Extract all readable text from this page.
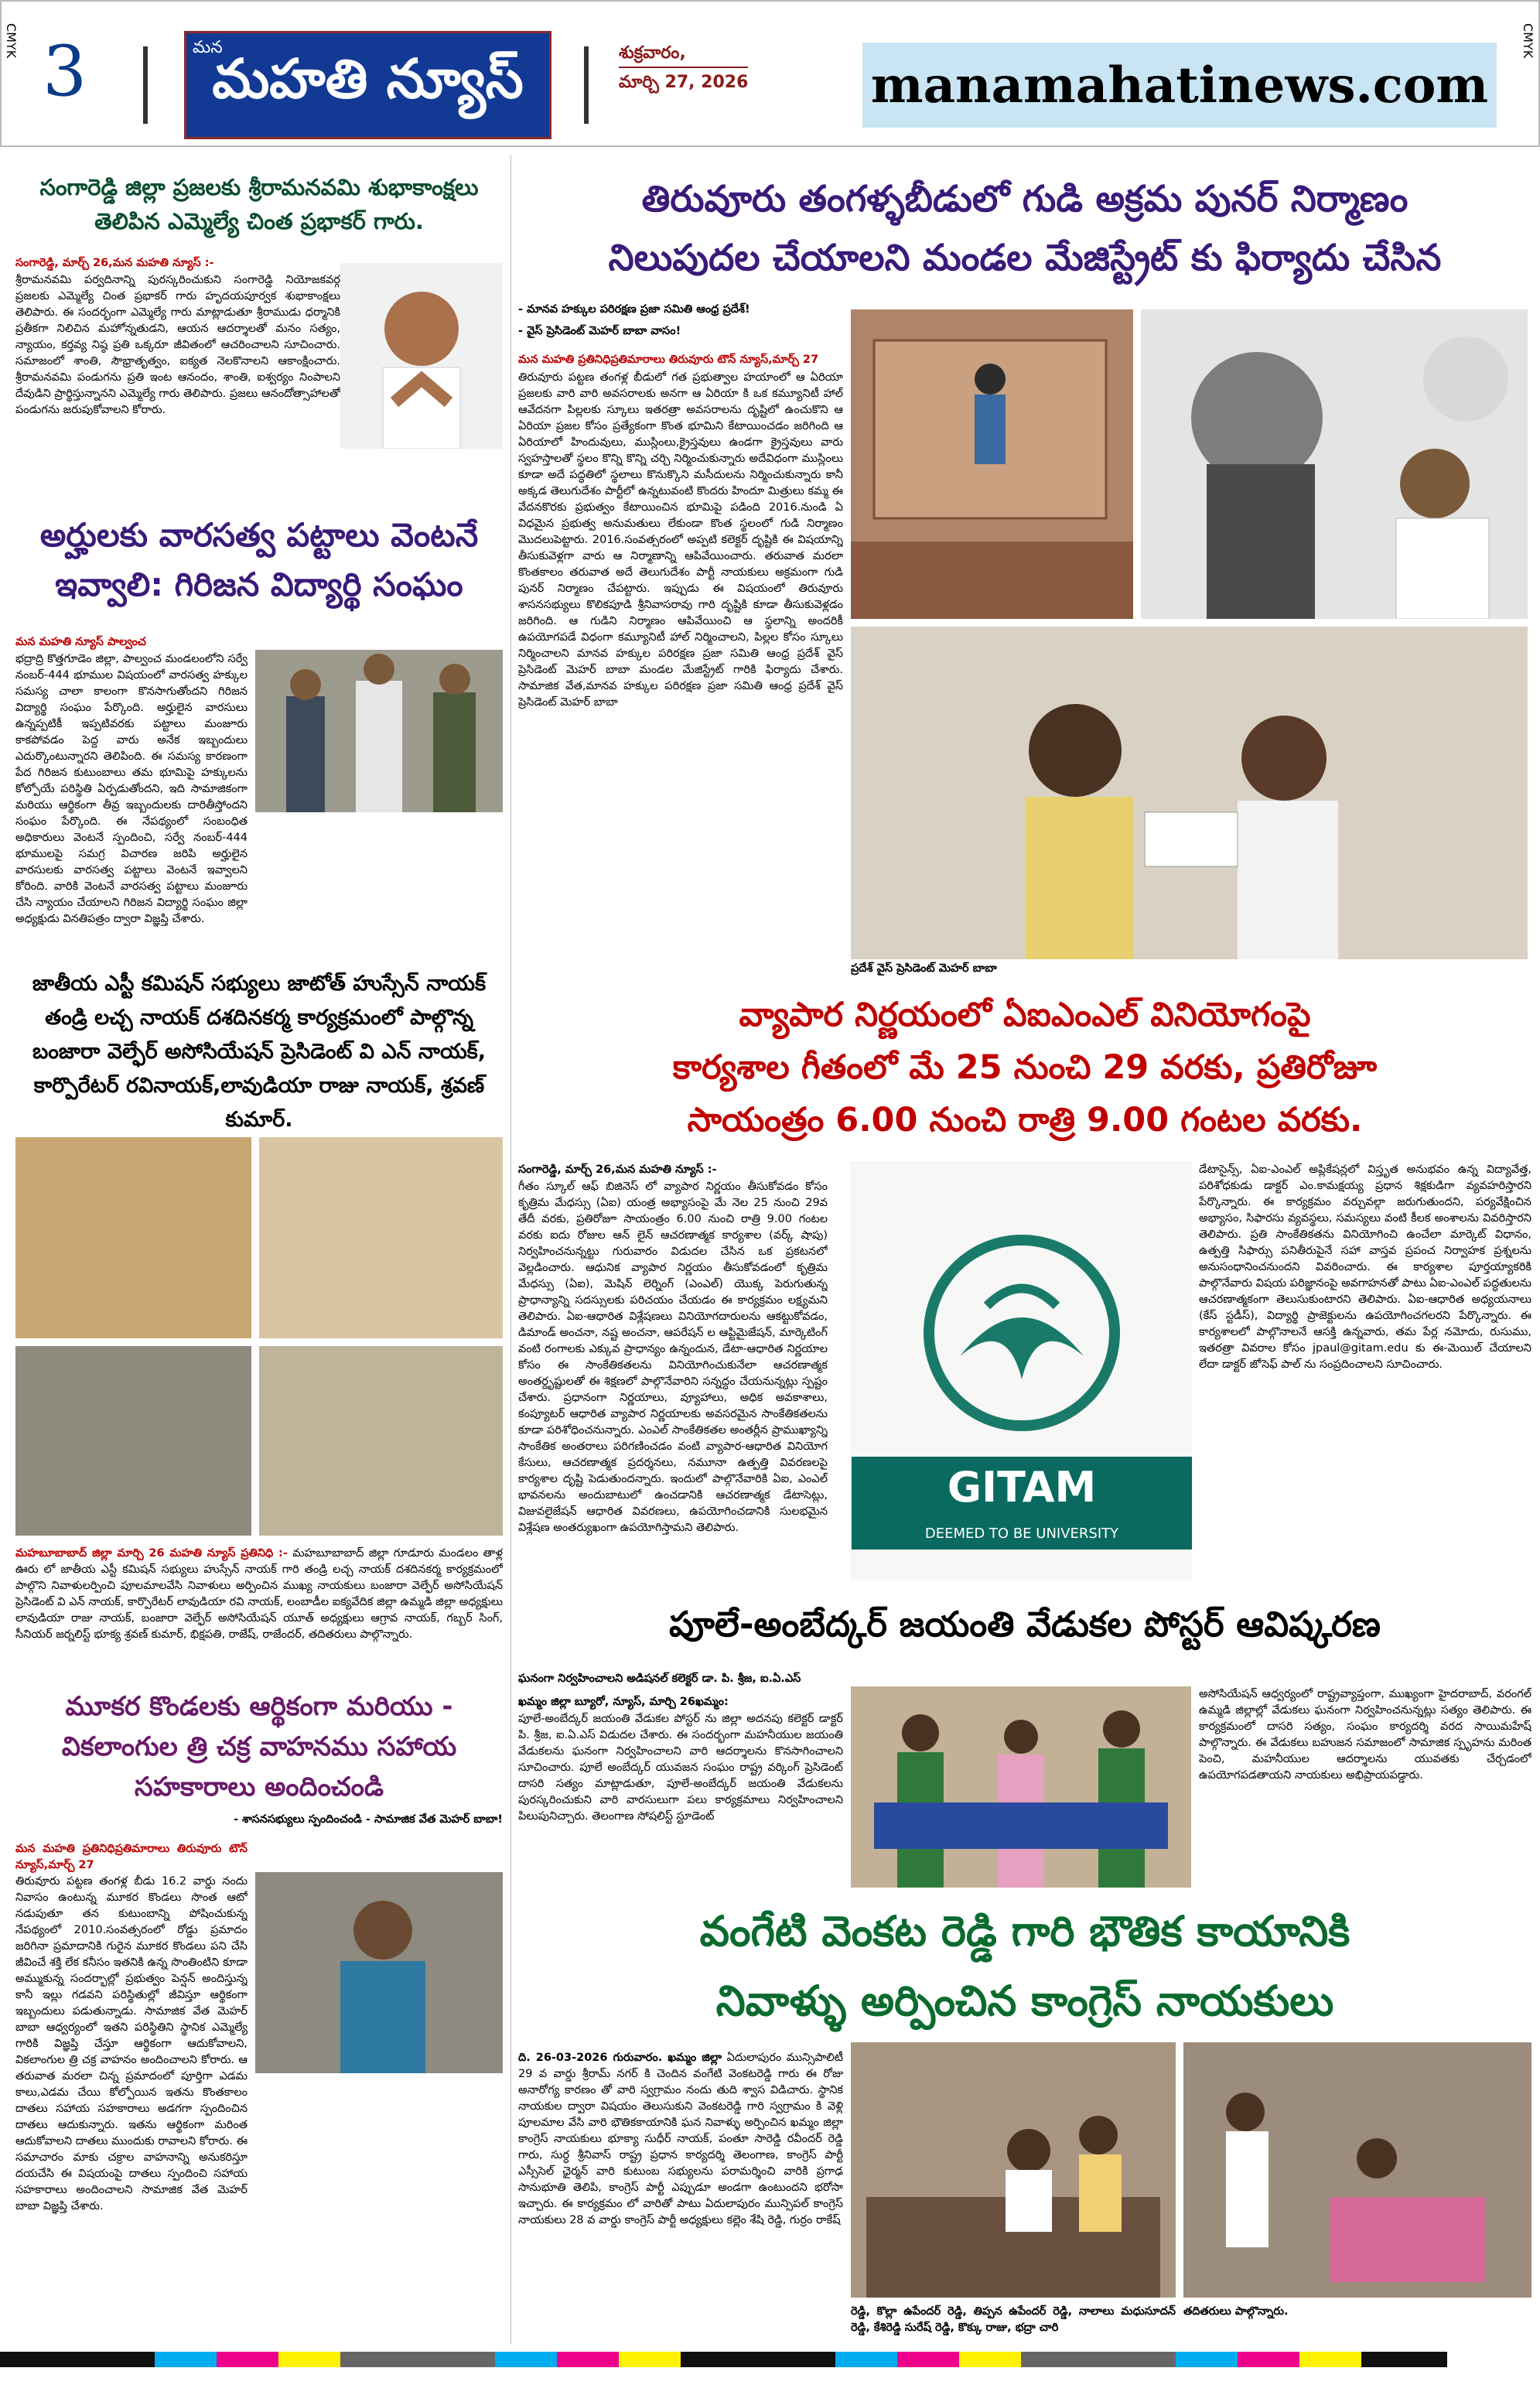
CMYK	CMYK
3	మన
మహతి న్యూస్	శుక్రవారం,
మార్చి 27, 2026 manamahatinews.com
సంగారెడ్డి జిల్లా ప్రజలకు శ్రీరామనవమి శుభాకాంక్షలు తెలిపిన ఎమ్మెల్యే చింత ప్రభాకర్ గారు.
సంగారెడ్డి, మార్చ్ 26,మన మహతి న్యూస్ :-
శ్రీరామనవమి పర్వదినాన్ని పురస్కరించుకుని సంగారెడ్డి నియోజకవర్గ ప్రజలకు ఎమ్మెల్యే చింత ప్రభాకర్ గారు హృదయపూర్వక శుభాకాంక్షలు తెలిపారు. ఈ సందర్భంగా ఎమ్మెల్యే గారు మాట్లాడుతూ శ్రీరాముడు ధర్మానికి ప్రతీకగా నిలిచిన మహోన్నతుడని, ఆయన ఆదర్శాలతో మనం సత్యం, న్యాయం, కర్తవ్య నిష్ఠ ప్రతి ఒక్కరూ జీవితంలో ఆచరించాలని సూచించారు. సమాజంలో శాంతి, సౌభ్రాతృత్వం, ఐక్యత నెలకొనాలని ఆకాంక్షించారు. శ్రీరామనవమి పండుగను ప్రతి ఇంట ఆనందం, శాంతి, ఐశ్వర్యం నింపాలని దేవుడిని ప్రార్థిస్తున్నానని ఎమ్మెల్యే గారు తెలిపారు. ప్రజలు ఆనందోత్సాహాలతో పండుగను జరుపుకోవాలని కోరారు.
అర్హులకు వారసత్వ పట్టాలు వెంటనే ఇవ్వాలి: గిరిజన విద్యార్థి సంఘం
మన మహతి న్యూస్ పాల్వంచ
భద్రాద్రి కొత్తగూడెం జిల్లా, పాల్వంచ మండలంలోని సర్వే నంబర్-444 భూముల విషయంలో వారసత్వ హక్కుల సమస్య చాలా కాలంగా కొనసాగుతోందని గిరిజన విద్యార్థి సంఘం పేర్కొంది. అర్హులైన వారసులు ఉన్నప్పటికీ ఇప్పటివరకు పట్టాలు మంజూరు కాకపోవడం పెద్ద వారు అనేక ఇబ్బందులు ఎదుర్కొంటున్నారని తెలిపింది. ఈ సమస్య కారణంగా పేద గిరిజన కుటుంబాలు తమ భూమిపై హక్కులను కోల్పోయే పరిస్థితి ఏర్పడుతోందని, ఇది సామాజికంగా మరియు ఆర్థికంగా తీవ్ర ఇబ్బందులకు దారితీస్తోందని సంఘం పేర్కొంది. ఈ నేపథ్యంలో సంబంధిత అధికారులు వెంటనే స్పందించి, సర్వే నంబర్-444 భూములపై సమగ్ర విచారణ జరిపి అర్హులైన వారసులకు వారసత్వ పట్టాలు వెంటనే ఇవ్వాలని కోరింది. వారికి వెంటనే వారసత్వ పట్టాలు మంజూరు చేసి న్యాయం చేయాలని గిరిజన విద్యార్థి సంఘం జిల్లా అధ్యక్షుడు వినతిపత్రం ద్వారా విజ్ఞప్తి చేశారు.
జాతీయ ఎస్టీ కమిషన్ సభ్యులు జాటోత్ హుస్సేన్ నాయక్ తండ్రి లచ్చ నాయక్ దశదినకర్మ కార్యక్రమంలో పాల్గొన్న బంజారా వెల్ఫేర్ అసోసియేషన్ ప్రెసిడెంట్ వి ఎన్ నాయక్, కార్పొరేటర్ రవినాయక్,లావుడియా రాజు నాయక్, శ్రవణ్ కుమార్.
మహబూబాబాద్ జిల్లా మార్చి 26 మహతి న్యూస్ ప్రతినిధి :- మహబూబాబాద్ జిల్లా గూడూరు మండలం తాళ్ల ఊరు లో జాతీయ ఎస్టీ కమిషన్ సభ్యులు హుస్సేన్ నాయక్ గారి తండ్రి లచ్చ నాయక్ దశదినకర్మ కార్యక్రమంలో పాల్గొని నివాళులర్పించి పూలమాలవేసి నివాళులు అర్పించిన ముఖ్య నాయకులు బంజారా వెల్ఫేర్ అసోసియేషన్ ప్రెసిడెంట్ వి ఎన్ నాయక్, కార్పొరేటర్ లావుడియా రవి నాయక్, లంబాడీల ఐక్యవేదిక జిల్లా ఉమ్మడి జిల్లా అధ్యక్షులు లావుడియా రాజు నాయక్, బంజారా వెల్ఫేర్ అసోసియేషన్ యూత్ అధ్యక్షులు ఆగ్రావ నాయక్, గబ్బర్ సింగ్, సీనియర్ జర్నలిస్ట్ భూక్య శ్రవణ్ కుమార్, భిక్షపతి, రాజేష్, రాజేందర్, తదితరులు పాల్గొన్నారు.
మూకర కొండలకు ఆర్థికంగా మరియు - వికలాంగుల త్రి చక్ర వాహనము సహాయ సహకారాలు అందించండి
- శాసనసభ్యులు స్పందించండి - సామాజిక వేత మెహర్ బాబా!
మన మహతి ప్రతినిధిప్రతిమారాలు తిరువూరు టౌన్ న్యూస్,మార్చ్ 27
తిరువూరు పట్టణ తంగళ్ల బీడు 16.2 వార్డు నందు నివాసం ఉంటున్న మూకర కొండలు సొంత ఆటో నడుపుతూ తన కుటుంబాన్ని పోషించుకున్న నేపథ్యంలో 2010.సంవత్సరంలో రోడ్డు ప్రమాదం జరిగినా ప్రమాదానికి గురైన మూకర కొండలు పని చేసి జీవించే శక్తి లేక కనీసం ఇతనికి ఉన్న సొంతింటిని కూడా అమ్ముకున్న సందర్భాల్లో ప్రభుత్వం పెన్షన్ అందిస్తున్న కానీ ఇల్లు గడవని పరిస్థితుల్లో జీవిస్తూ ఆర్థికంగా ఇబ్బందులు పడుతున్నాడు. సామాజిక వేత మెహర్ బాబా ఆధ్వర్యంలో ఇతని పరిస్థితిని స్థానిక ఎమ్మెల్యే గారికి విజ్ఞప్తి చేస్తూ ఆర్థికంగా ఆదుకోవాలని, వికలాంగుల త్రి చక్ర వాహనం అందించాలని కోరారు. ఆ తరువాత మరలా చిన్న ప్రమాదంలో పూర్తిగా ఎడమ కాలు,ఎడమ చేయి కోల్పోయిన ఇతను కొంతకాలం దాతలు సహాయ సహకారాలు అడగగా స్పందించిన దాతలు ఆదుకున్నారు. ఇతను ఆర్థికంగా మరింత ఆదుకోవాలని దాతలు ముందుకు రావాలని కోరారు. ఈ సమాచారం మాకు చక్రాల వాహనాన్ని అనుకరిస్తూ దయచేసి ఈ విషయంపై దాతలు స్పందించి సహాయ సహకారాలు అందించాలని సామాజిక వేత మెహర్ బాబా విజ్ఞప్తి చేశారు.
తిరువూరు తంగళ్ళబీడులో గుడి అక్రమ పునర్ నిర్మాణం
నిలుపుదల చేయాలని మండల మేజిస్ట్రేట్ కు ఫిర్యాదు చేసిన
- మానవ హక్కుల పరిరక్షణ ప్రజా సమితి ఆంధ్ర ప్రదేశ్!
- వైస్ ప్రెసిడెంట్ మెహర్ బాబా వాసం!
మన మహతి ప్రతినిధిప్రతిమారాలు తిరువూరు టౌన్ న్యూస్,మార్చ్ 27
తిరువూరు పట్టణ తంగళ్ల బీడులో గత ప్రభుత్వాల హయాంలో ఆ ఏరియా ప్రజలకు వారి వారి అవసరాలకు అనగా ఆ ఏరియా కి ఒక కమ్యూనిటీ హాల్ ఆవేదనగా పిల్లలకు స్కూలు ఇతరత్రా అవసరాలను దృష్టిలో ఉంచుకొని ఆ ఏరియా ప్రజల కోసం ప్రత్యేకంగా కొంత భూమిని కేటాయించడం జరిగింది ఆ ఏరియాలో హిందువులు, ముస్లింలు,క్రైస్తవులు ఉండగా క్రైస్తవులు వారు స్వహస్తాలతో స్థలం కొన్ని కొన్ని చర్చి నిర్మించుకున్నారు అదేవిధంగా ముస్లింలు కూడా అదే పద్ధతిలో స్థలాలు కొనుక్కొని మసీదులను నిర్మించుకున్నారు కానీ అక్కడ తెలుగుదేశం పార్టీలో ఉన్నటువంటి కొందరు హిందూ మిత్రులు కమ్మ ఈ వేదనకొరకు ప్రభుత్వం కేటాయించిన భూమిపై పడింది 2016.నుండి ఏ విధమైన ప్రభుత్వ అనుమతులు లేకుండా కొంత స్థలంలో గుడి నిర్మాణం మొదలుపెట్టారు. 2016.సంవత్సరంలో అప్పటి కలెక్టర్ దృష్టికి ఈ విషయాన్ని తీసుకువెళ్లగా వారు ఆ నిర్మాణాన్ని ఆపివేయించారు. తరువాత మరలా కొంతకాలం తరువాత అదే తెలుగుదేశం పార్టీ నాయకులు అక్రమంగా గుడి పునర్ నిర్మాణం చేపట్టారు. ఇప్పుడు ఈ విషయంలో తిరువూరు శాసనసభ్యులు కొలికపూడి శ్రీనివాసరావు గారి దృష్టికి కూడా తీసుకువెళ్లడం జరిగింది. ఆ గుడిని నిర్మాణం ఆపివేయించి ఆ స్థలాన్ని అందరికీ ఉపయోగపడే విధంగా కమ్యూనిటీ హాల్ నిర్మించాలని, పిల్లల కోసం స్కూలు నిర్మించాలని మానవ హక్కుల పరిరక్షణ ప్రజా సమితి ఆంధ్ర ప్రదేశ్ వైస్ ప్రెసిడెంట్ మెహర్ బాబా మండల మేజిస్ట్రేట్ గారికి ఫిర్యాదు చేశారు. సామాజిక వేత,మానవ హక్కుల పరిరక్షణ ప్రజా సమితి ఆంధ్ర ప్రదేశ్ వైస్ ప్రెసిడెంట్ మెహర్ బాబా
ప్రదేశ్ వైస్ ప్రెసిడెంట్ మెహర్ బాబా
వ్యాపార నిర్ణయంలో ఏఐఎంఎల్ వినియోగంపై
కార్యశాల గీతంలో మే 25 నుంచి 29 వరకు, ప్రతిరోజూ
సాయంత్రం 6.00 నుంచి రాత్రి 9.00 గంటల వరకు.
సంగారెడ్డి, మార్చ్ 26,మన మహతి న్యూస్ :-
గీతం స్కూల్ ఆఫ్ బిజినెస్ లో వ్యాపార నిర్ణయం తీసుకోవడం కోసం కృత్రిమ మేధస్సు (ఏఐ) యంత్ర అభ్యాసంపై మే నెల 25 నుంచి 29వ తేదీ వరకు, ప్రతిరోజూ సాయంత్రం 6.00 నుంచి రాత్రి 9.00 గంటల వరకు ఐదు రోజుల ఆన్ లైన్ ఆచరణాత్మక కార్యశాల (వర్క్ షాపు) నిర్వహించనున్నట్టు గురువారం విడుదల చేసిన ఒక ప్రకటనలో వెల్లడించారు. ఆధునిక వ్యాపార నిర్ణయం తీసుకోవడంలో కృత్రిమ మేధస్సు (ఏఐ), మెషిన్ లెర్నింగ్ (ఎంఎల్) యొక్క పెరుగుతున్న ప్రాధాన్యాన్ని సదస్సులకు పరిచయం చేయడం ఈ కార్యక్రమం లక్ష్యమని తెలిపారు. ఏఐ-ఆధారిత విశ్లేషణలు వినియోగదారులను ఆకట్టుకోవడం, డిమాండ్ అంచనా, నష్ట అంచనా, ఆపరేషన్ ల ఆప్టిమైజేషన్, మార్కెటింగ్ వంటి రంగాలకు ఎక్కువ ప్రాధాన్యం ఉన్నందున, డేటా-ఆధారిత నిర్ణయాల కోసం ఈ సాంకేతికతలను వినియోగించుకునేలా ఆచరణాత్మక అంతర్దృష్టులతో ఈ శిక్షణలో పాల్గొనేవారిని సన్నద్ధం చేయనున్నట్లు స్పష్టం చేశారు. ప్రధానంగా నిర్ణయాలు, వ్యూహాలు, అధిక అవకాశాలు, కంప్యూటర్ ఆధారిత వ్యాపార నిర్ణయాలకు అవసరమైన సాంకేతికతలను కూడా పరిశోధించనున్నారు. ఎంఎల్ సాంకేతికతల అంతర్లీన ప్రాముఖ్యాన్ని సాంకేతిక అంతరాలు పరిగణించడం వంటి వ్యాపార-ఆధారిత వినియోగ కేసులు, ఆచరణాత్మక ప్రదర్శనలు, నమూనా ఉత్పత్తి వివరణలపై కార్యశాల దృష్టి పెడుతుందన్నారు. ఇందులో పాల్గొనేవారికి ఏఐ, ఎంఎల్ భావనలను అందుబాటులో ఉంచడానికి ఆచరణాత్మక డేటాసెట్లు, విజువలైజేషన్ ఆధారిత వివరణలు, ఉపయోగించడానికి సులభమైన విశ్లేషణ అంతర్యుఖంగా ఉపయోగిస్తామని తెలిపారు.
GITAM
DEEMED TO BE UNIVERSITY
డేటాసైన్స్, ఏఐ-ఎంఎల్ అప్లికేషన్లలో విస్తృత అనుభవం ఉన్న విద్యావేత్త, పరిశోధకుడు డాక్టర్ ఎం.కామక్షయ్య ప్రధాన శిక్షకుడిగా వ్యవహరిస్తారని పేర్కొన్నారు. ఈ కార్యక్రమం వర్చువల్గా జరుగుతుందని, పర్యవేక్షించిన అభ్యాసం, సిఫారసు వ్యవస్థలు, సమస్యలు వంటి కీలక అంశాలను వివరిస్తారని తెలిపారు. ప్రతి సాంకేతికతను వినియోగించి ఉంచేలా మార్కెట్ విధానం, ఉత్పత్తి సిఫార్సు పనితీరుపైనే సహా వాస్తవ ప్రపంచ నిర్వాహక ప్రశ్నలను అనుసంధానించనుందని వివరించారు. ఈ కార్యశాల పూర్తయ్యాకరికి పాల్గొనేవారు విషయ పరిజ్ఞానంపై అవగాహనతో పాటు ఏఐ-ఎంఎల్ పద్ధతులను ఆచరణాత్మకంగా తెలుసుకుంటారని తెలిపారు. ఏఐ-ఆధారిత అధ్యయనాలు (కేస్ స్టడీస్), విద్యార్థి ప్రాజెక్టులను ఉపయోగించగలరని పేర్కొన్నారు. ఈ కార్యశాలలో పాల్గొనాలనే ఆసక్తి ఉన్నవారు, తమ పేర్ల నమోదు, రుసుము, ఇతరత్రా వివరాల కోసం jpaul@gitam.edu కు ఈ-మెయిల్ చేయాలని లేదా డాక్టర్ జోసెఫ్ పాల్ ను సంప్రదించాలని సూచించారు.
పూలే-అంబేద్కర్ జయంతి వేడుకల పోస్టర్ ఆవిష్కరణ
ఘనంగా నిర్వహించాలని అడిషనల్ కలెక్టర్ డా. పి. శ్రీజ, ఐ.ఏ.ఎస్
ఖమ్మం జిల్లా బ్యూరో, న్యూస్, మార్చి 26ఖమ్మం:
పూలే-అంబేద్కర్ జయంతి వేడుకల పోస్టర్ ను జిల్లా అదనపు కలెక్టర్ డాక్టర్ పి. శ్రీజ, ఐ.ఏ.ఎస్ విడుదల చేశారు. ఈ సందర్భంగా మహనీయుల జయంతి వేడుకలను ఘనంగా నిర్వహించాలని వారి ఆదర్శాలను కొనసాగించాలని సూచించారు. పూలే అంబేద్కర్ యువజన సంఘం రాష్ట్ర వర్కింగ్ ప్రెసిడెంట్ దాసరి సత్యం మాట్లాడుతూ, పూలే-అంబేద్కర్ జయంతి వేడుకలను పురస్కరించుకుని వారి వారసులుగా పలు కార్యక్రమాలు నిర్వహించాలని పిలుపునిచ్చారు. తెలంగాణ సోషలిస్ట్ స్టూడెంట్
అసోసియేషన్ ఆధ్వర్యంలో రాష్ట్రవ్యాప్తంగా, ముఖ్యంగా హైదరాబాద్, వరంగల్ ఉమ్మడి జిల్లాల్లో వేడుకలు ఘనంగా నిర్వహించనున్నట్లు సత్యం తెలిపారు. ఈ కార్యక్రమంలో దాసరి సత్యం, సంఘం కార్యదర్శి వరద సాయిమహేష్ పాల్గొన్నారు. ఈ వేడుకలు బహుజన సమాజంలో సామాజిక స్పృహను మరింత పెంచి, మహనీయుల ఆదర్శాలను యువతకు చేర్చడంలో ఉపయోగపడతాయని నాయకులు అభిప్రాయపడ్డారు.
వంగేటి వెంకట రెడ్డి గారి భౌతిక కాయానికి
నివాళ్ళు అర్పించిన కాంగ్రెస్ నాయకులు
ది. 26-03-2026 గురువారం. ఖమ్మం జిల్లా ఏదులాపురం మున్సిపాలిటీ 29 వ వార్డు శ్రీరామ్ నగర్ కి చెందిన వంగేటి వెంకటరెడ్డి గారు ఈ రోజు అనారోగ్య కారణం తో వారి స్వగ్రామం నందు తుది శ్వాస విడిచారు. స్థానిక నాయకుల ద్వారా విషయం తెలుసుకుని వెంకటరెడ్డి గారి స్వగ్రామం కి వెళ్లి పూలమాల వేసి వారి భౌతికకాయానికి ఘన నివాళ్ళు అర్పించిన ఖమ్మం జిల్లా కాంగ్రెస్ నాయకులు భూక్యా సుధీర్ నాయక్, పంతూ సారెడ్డి రవీందర్ రెడ్డి గారు, సుర్ధ శ్రీనివాస్ రాష్ట్ర ప్రధాన కార్యదర్శి తెలంగాణ, కాంగ్రెస్ పార్టీ ఎస్సీసెల్ ఛైర్మన్ వారి కుటుంబ సభ్యులను పరామర్శించి వారికి ప్రగాఢ సానుభూతి తెలిపి, కాంగ్రెస్ పార్టీ ఎప్పుడూ అండగా ఉంటుందని భరోసా ఇచ్చారు. ఈ కార్యక్రమం లో వారితో పాటు ఏదులాపురం మున్సిపల్ కాంగ్రెస్ నాయకులు 28 వ వార్డు కాంగ్రెస్ పార్టీ అధ్యక్షులు కల్లెం శేషి రెడ్డి, గుర్రం రాకేష్
రెడ్డి, కొల్లా ఉపేందర్ రెడ్డి, తిప్పన ఉపేందర్ రెడ్డి, నాలాలు మధుసూదన్ రెడ్డి, కేశిరెడ్డి సురేష్ రెడ్డి, కొక్కు రాజు, భద్రా చారి
తదితరులు పాల్గొన్నారు.
